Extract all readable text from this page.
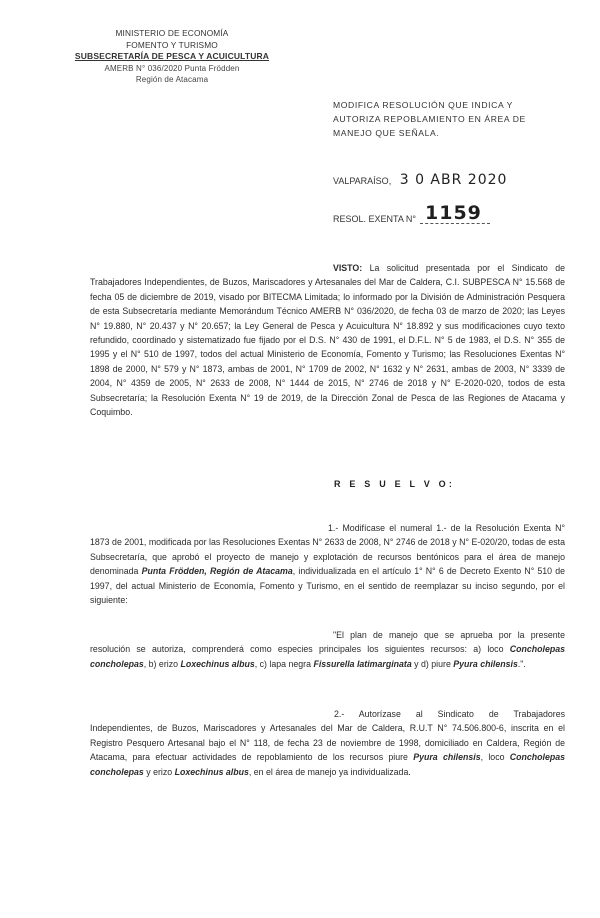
MINISTERIO DE ECONOMÍA
FOMENTO Y TURISMO
SUBSECRETARÍA DE PESCA Y ACUICULTURA
AMERB N° 036/2020 Punta Frödden
Región de Atacama
MODIFICA RESOLUCIÓN QUE INDICA Y AUTORIZA REPOBLAMIENTO EN ÁREA DE MANEJO QUE SEÑALA.
VALPARAÍSO, 3 0 ABR 2020
RESOL. EXENTA N° 1159
VISTO: La solicitud presentada por el Sindicato de Trabajadores Independientes, de Buzos, Mariscadores y Artesanales del Mar de Caldera, C.I. SUBPESCA N° 15.568 de fecha 05 de diciembre de 2019, visado por BITECMA Limitada; lo informado por la División de Administración Pesquera de esta Subsecretaría mediante Memorándum Técnico AMERB N° 036/2020, de fecha 03 de marzo de 2020; las Leyes N° 19.880, N° 20.437 y N° 20.657; la Ley General de Pesca y Acuicultura N° 18.892 y sus modificaciones cuyo texto refundido, coordinado y sistematizado fue fijado por el D.S. N° 430 de 1991, el D.F.L. N° 5 de 1983, el D.S. N° 355 de 1995 y el N° 510 de 1997, todos del actual Ministerio de Economía, Fomento y Turismo; las Resoluciones Exentas N° 1898 de 2000, N° 579 y N° 1873, ambas de 2001, N° 1709 de 2002, N° 1632 y N° 2631, ambas de 2003, N° 3339 de 2004, N° 4359 de 2005, N° 2633 de 2008, N° 1444 de 2015, N° 2746 de 2018 y N° E-2020-020, todos de esta Subsecretaría; la Resolución Exenta N° 19 de 2019, de la Dirección Zonal de Pesca de las Regiones de Atacama y Coquimbo.
R E S U E L V O:
1.- Modifícase el numeral 1.- de la Resolución Exenta N° 1873 de 2001, modificada por las Resoluciones Exentas N° 2633 de 2008, N° 2746 de 2018 y N° E-020/20, todas de esta Subsecretaría, que aprobó el proyecto de manejo y explotación de recursos bentónicos para el área de manejo denominada Punta Frödden, Región de Atacama, individualizada en el artículo 1° N° 6 de Decreto Exento N° 510 de 1997, del actual Ministerio de Economía, Fomento y Turismo, en el sentido de reemplazar su inciso segundo, por el siguiente:
"El plan de manejo que se aprueba por la presente resolución se autoriza, comprenderá como especies principales los siguientes recursos: a) loco Concholepas concholepas, b) erizo Loxechinus albus, c) lapa negra Fissurella latimarginata y d) piure Pyura chilensis.".
2.- Autorízase al Sindicato de Trabajadores Independientes, de Buzos, Mariscadores y Artesanales del Mar de Caldera, R.U.T N° 74.506.800-6, inscrita en el Registro Pesquero Artesanal bajo el N° 118, de fecha 23 de noviembre de 1998, domiciliado en Caldera, Región de Atacama, para efectuar actividades de repoblamiento de los recursos piure Pyura chilensis, loco Concholepas concholepas y erizo Loxechinus albus, en el área de manejo ya individualizada.
